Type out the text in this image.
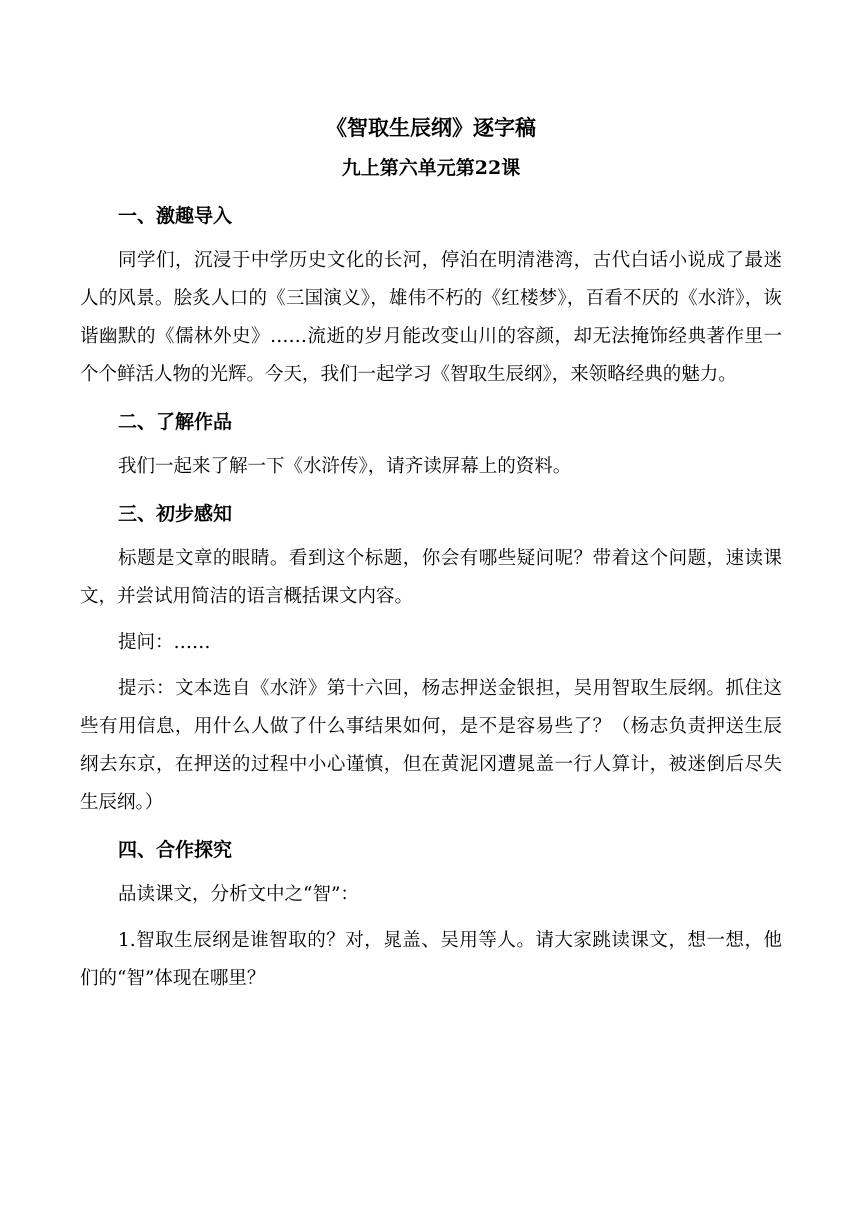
《智取生辰纲》逐字稿
九上第六单元第22课
一、激趣导入

同学们，沉浸于中学历史文化的长河，停泊在明清港湾，古代白话小说成了最迷人的风景。脍炙人口的《三国演义》，雄伟不朽的《红楼梦》，百看不厌的《水浒》，诙谐幽默的《儒林外史》……流逝的岁月能改变山川的容颜，却无法掩饰经典著作里一个个鲜活人物的光辉。今天，我们一起学习《智取生辰纲》，来领略经典的魅力。

二、了解作品

我们一起来了解一下《水浒传》，请齐读屏幕上的资料。

三、初步感知

标题是文章的眼睛。看到这个标题，你会有哪些疑问呢？带着这个问题，速读课文，并尝试用简洁的语言概括课文内容。

提问：……

提示：文本选自《水浒》第十六回，杨志押送金银担，吴用智取生辰纲。抓住这些有用信息，用什么人做了什么事结果如何，是不是容易些了？（杨志负责押送生辰纲去东京，在押送的过程中小心谨慎，但在黄泥冈遭晁盖一行人算计，被迷倒后尽失生辰纲。）

四、合作探究

品读课文，分析文中之“智”：

1.智取生辰纲是谁智取的？对，晁盖、吴用等人。请大家跳读课文，想一想，他们的“智”体现在哪里？
